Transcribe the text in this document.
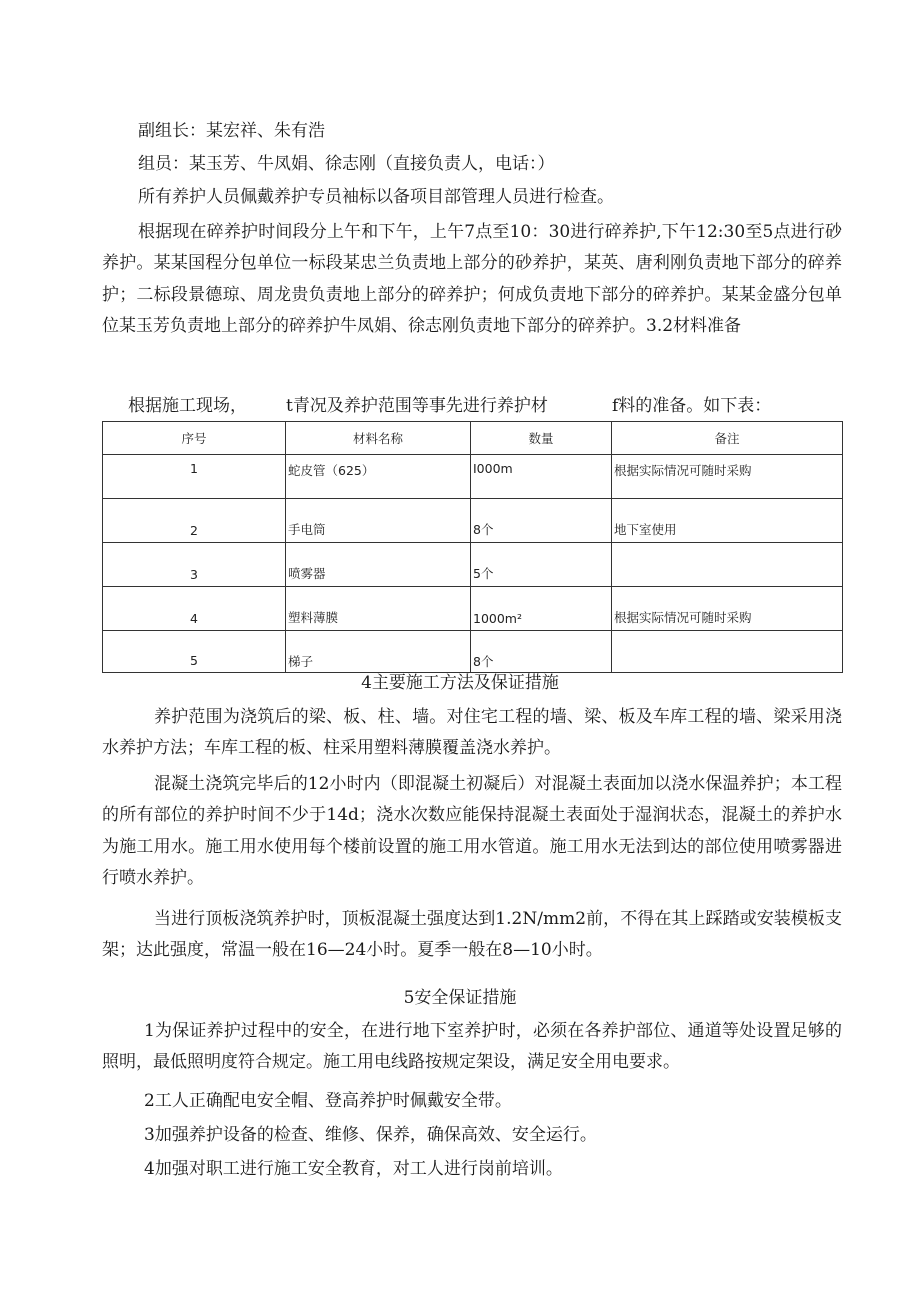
副组长：某宏祥、朱有浩

组员：某玉芳、牛凤娟、徐志刚（直接负责人，电话：）

所有养护人员佩戴养护专员袖标以备项目部管理人员进行检查。

根据现在碎养护时间段分上午和下午，上午7点至10：30进行碎养护,下午12:30至5点进行砂养护。某某国程分包单位一标段某忠兰负责地上部分的砂养护，某英、唐利刚负责地下部分的碎养护；二标段景德琼、周龙贵负责地上部分的碎养护；何成负责地下部分的碎养护。某某金盛分包单位某玉芳负责地上部分的碎养护牛凤娟、徐志刚负责地下部分的碎养护。3.2材料准备

根据施工现场， t青况及养护范围等事先进行养护材	f料的准备。如下表：
序号	材料名称	数量	备注
1	蛇皮管（625）	I000m	根据实际情况可随时采购
2	手电筒	8个	地下室使用
3	喷雾器	5个	
4	塑料薄膜	1000m²	根据实际情况可随时采购
5	梯子	8个	
4主要施工方法及保证措施

养护范围为浇筑后的梁、板、柱、墙。对住宅工程的墙、梁、板及车库工程的墙、梁采用浇水养护方法；车库工程的板、柱采用塑料薄膜覆盖浇水养护。

混凝土浇筑完毕后的12小时内（即混凝土初凝后）对混凝土表面加以浇水保温养护；本工程的所有部位的养护时间不少于14d；浇水次数应能保持混凝土表面处于湿润状态，混凝土的养护水为施工用水。施工用水使用每个楼前设置的施工用水管道。施工用水无法到达的部位使用喷雾器进行喷水养护。

当进行顶板浇筑养护时，顶板混凝土强度达到1.2N∕mm2前，不得在其上踩踏或安装模板支架；达此强度，常温一般在16—24小时。夏季一般在8—10小时。

5安全保证措施

1为保证养护过程中的安全，在进行地下室养护时，必须在各养护部位、通道等处设置足够的照明，最低照明度符合规定。施工用电线路按规定架设，满足安全用电要求。

2工人正确配电安全帽、登高养护时佩戴安全带。

3加强养护设备的检查、维修、保养，确保高效、安全运行。

4加强对职工进行施工安全教育，对工人进行岗前培训。
